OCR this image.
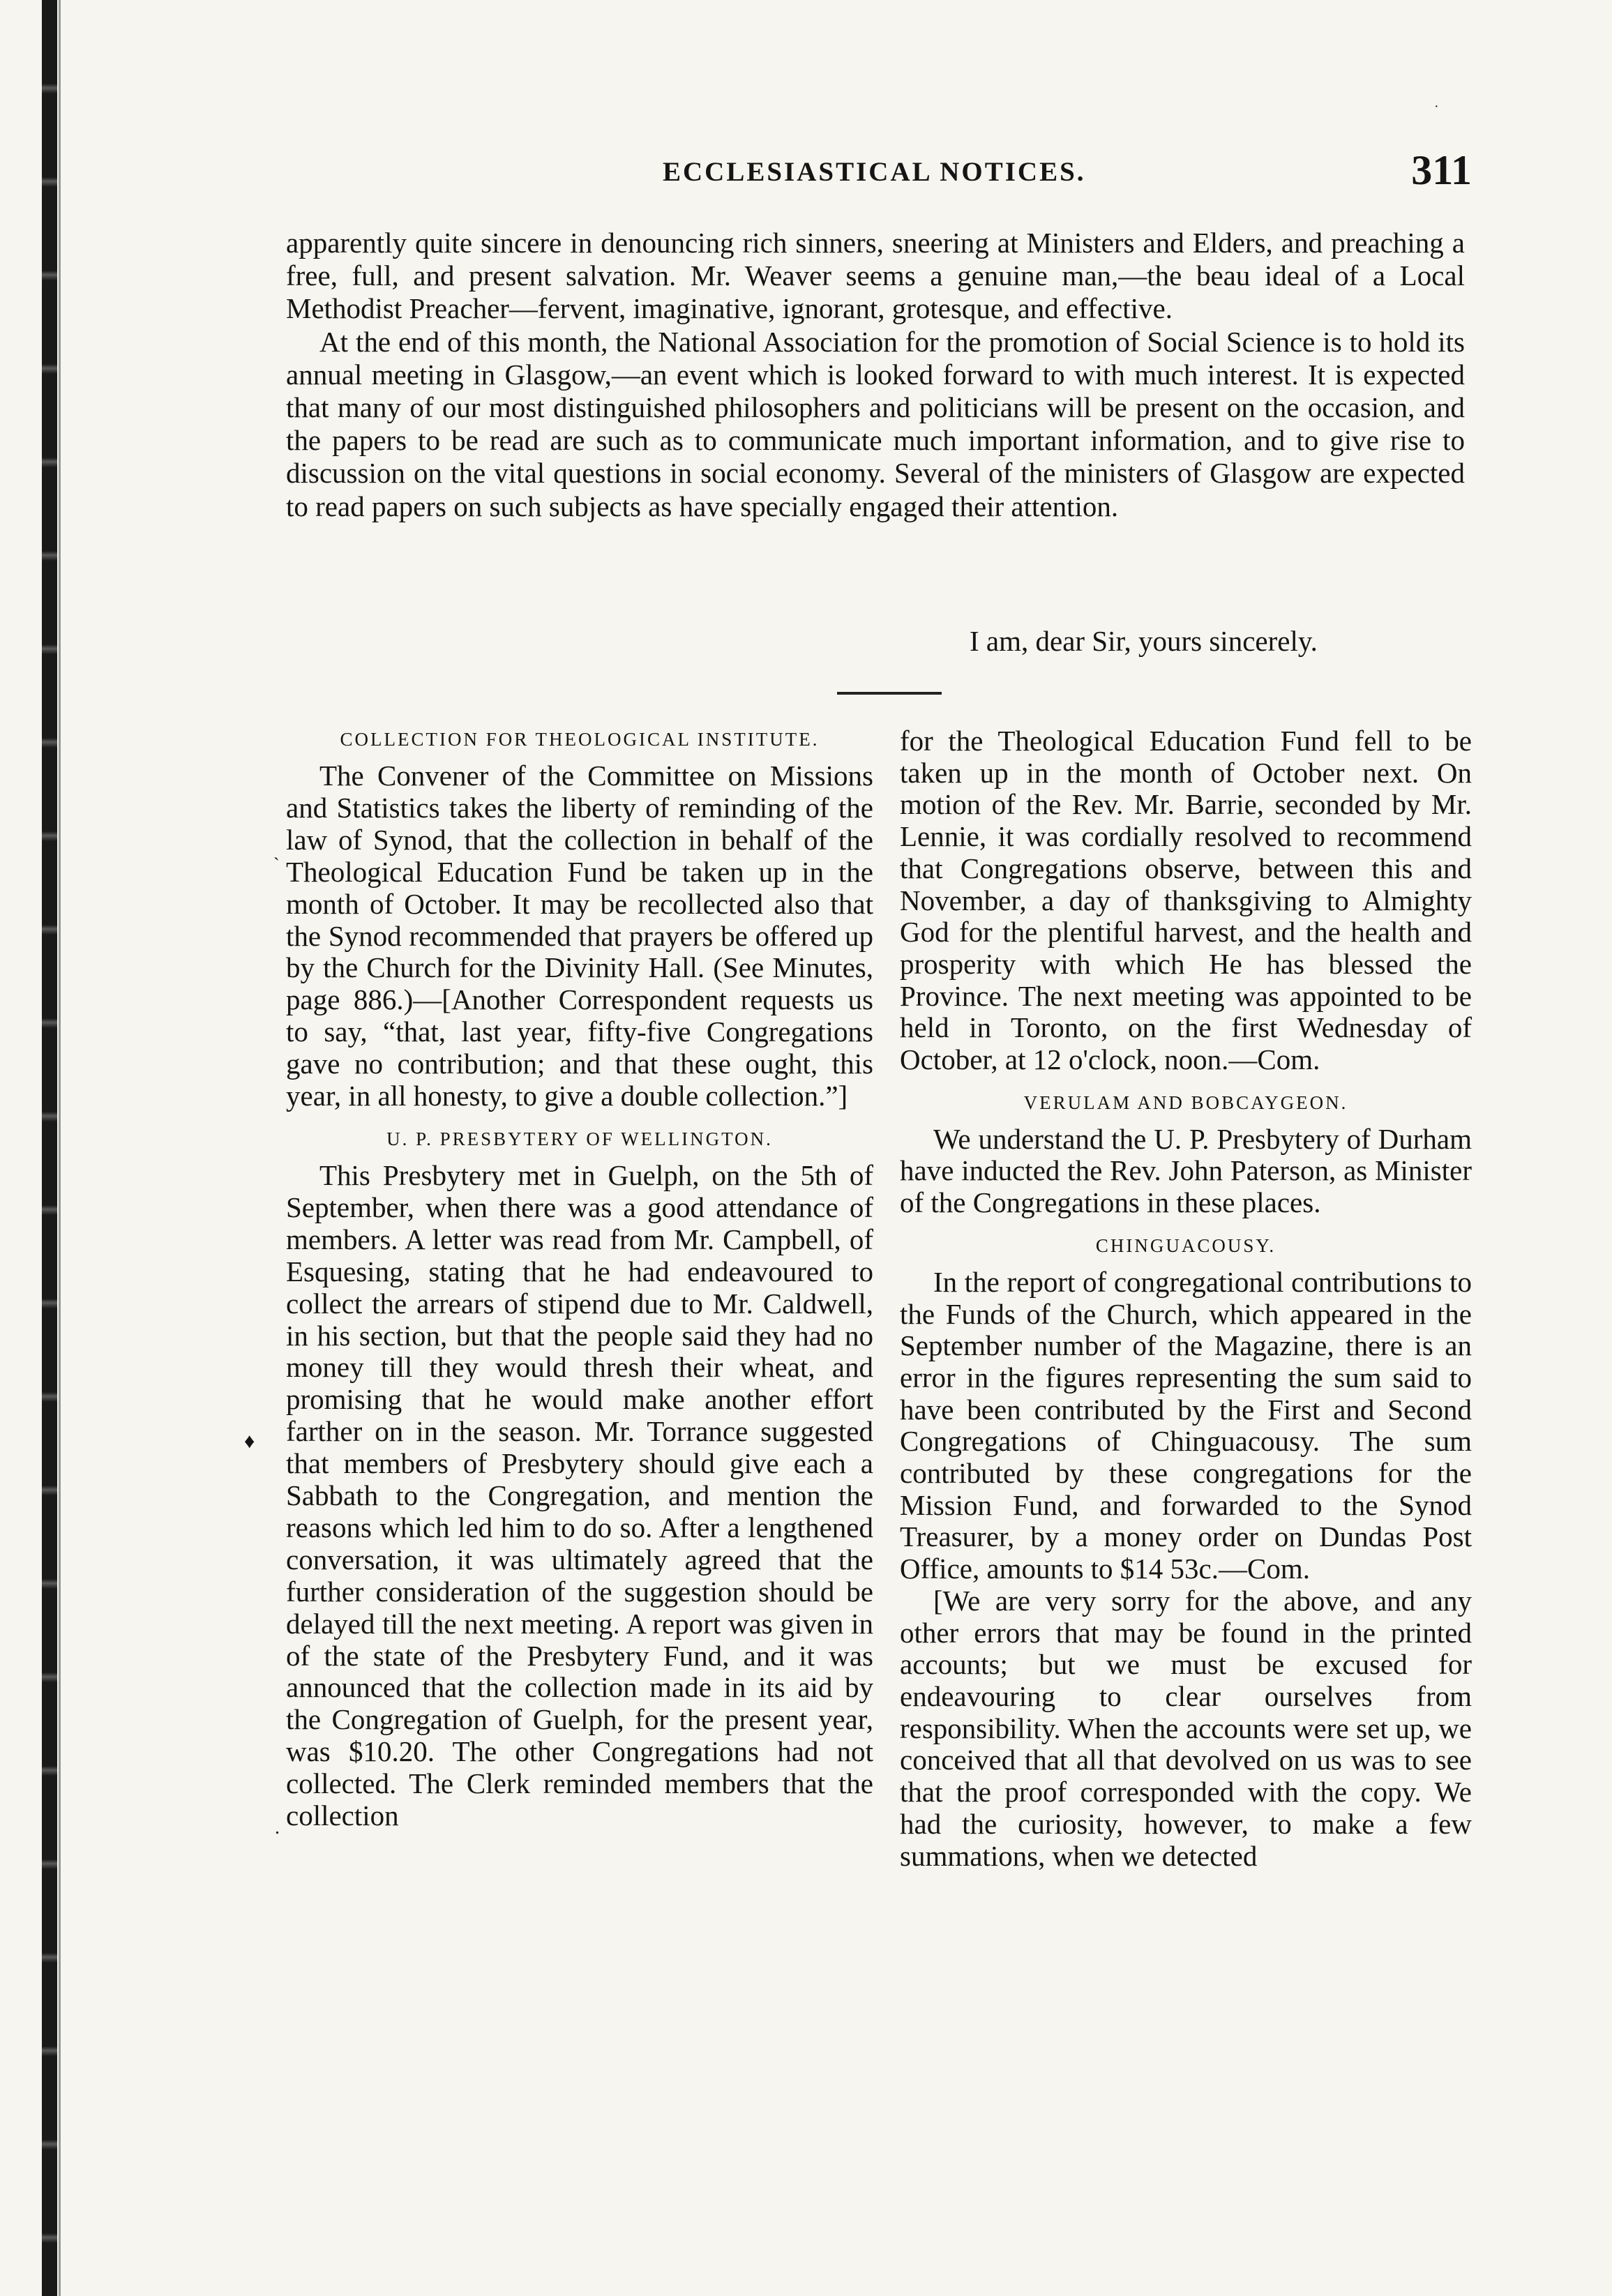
ECCLESIASTICAL NOTICES.	311

apparently quite sincere in denouncing rich sinners, sneering at Ministers and Elders, and preaching a free, full, and present salvation. Mr. Weaver seems a genuine man,—the beau ideal of a Local Methodist Preacher—fervent, imaginative, ignorant, grotesque, and effective.

At the end of this month, the National Association for the promotion of Social Science is to hold its annual meeting in Glasgow,—an event which is looked forward to with much interest. It is expected that many of our most distinguished philosophers and politicians will be present on the occasion, and the papers to be read are such as to communicate much important information, and to give rise to discussion on the vital questions in social economy. Several of the ministers of Glasgow are expected to read papers on such subjects as have specially engaged their attention.

I am, dear Sir, yours sincerely.

COLLECTION FOR THEOLOGICAL INSTITUTE.

The Convener of the Committee on Missions and Statistics takes the liberty of reminding of the law of Synod, that the collection in behalf of the Theological Education Fund be taken up in the month of October. It may be recollected also that the Synod recommended that prayers be offered up by the Church for the Divinity Hall. (See Minutes, page 886.)—[Another Correspondent requests us to say, “that, last year, fifty-five Congregations gave no contribution; and that these ought, this year, in all honesty, to give a double collection.”]

U. P. PRESBYTERY OF WELLINGTON.

This Presbytery met in Guelph, on the 5th of September, when there was a good attendance of members. A letter was read from Mr. Campbell, of Esquesing, stating that he had endeavoured to collect the arrears of stipend due to Mr. Caldwell, in his section, but that the people said they had no money till they would thresh their wheat, and promising that he would make another effort farther on in the season. Mr. Torrance suggested that members of Presbytery should give each a Sabbath to the Congregation, and mention the reasons which led him to do so. After a lengthened conversation, it was ultimately agreed that the further consideration of the suggestion should be delayed till the next meeting. A report was given in of the state of the Presbytery Fund, and it was announced that the collection made in its aid by the Congregation of Guelph, for the present year, was $10.20. The other Congregations had not collected. The Clerk reminded members that the collection

for the Theological Education Fund fell to be taken up in the month of October next. On motion of the Rev. Mr. Barrie, seconded by Mr. Lennie, it was cordially resolved to recommend that Congregations observe, between this and November, a day of thanksgiving to Almighty God for the plentiful harvest, and the health and prosperity with which He has blessed the Province. The next meeting was appointed to be held in Toronto, on the first Wednesday of October, at 12 o'clock, noon.—Com.

VERULAM AND BOBCAYGEON.

We understand the U. P. Presbytery of Durham have inducted the Rev. John Paterson, as Minister of the Congregations in these places.

CHINGUACOUSY.

In the report of congregational contributions to the Funds of the Church, which appeared in the September number of the Magazine, there is an error in the figures representing the sum said to have been contributed by the First and Second Congregations of Chinguacousy. The sum contributed by these congregations for the Mission Fund, and forwarded to the Synod Treasurer, by a money order on Dundas Post Office, amounts to $14 53c.—Com.

[We are very sorry for the above, and any other errors that may be found in the printed accounts; but we must be excused for endeavouring to clear ourselves from responsibility. When the accounts were set up, we conceived that all that devolved on us was to see that the proof corresponded with the copy. We had the curiosity, however, to make a few summations, when we detected

♦
`
.
·
